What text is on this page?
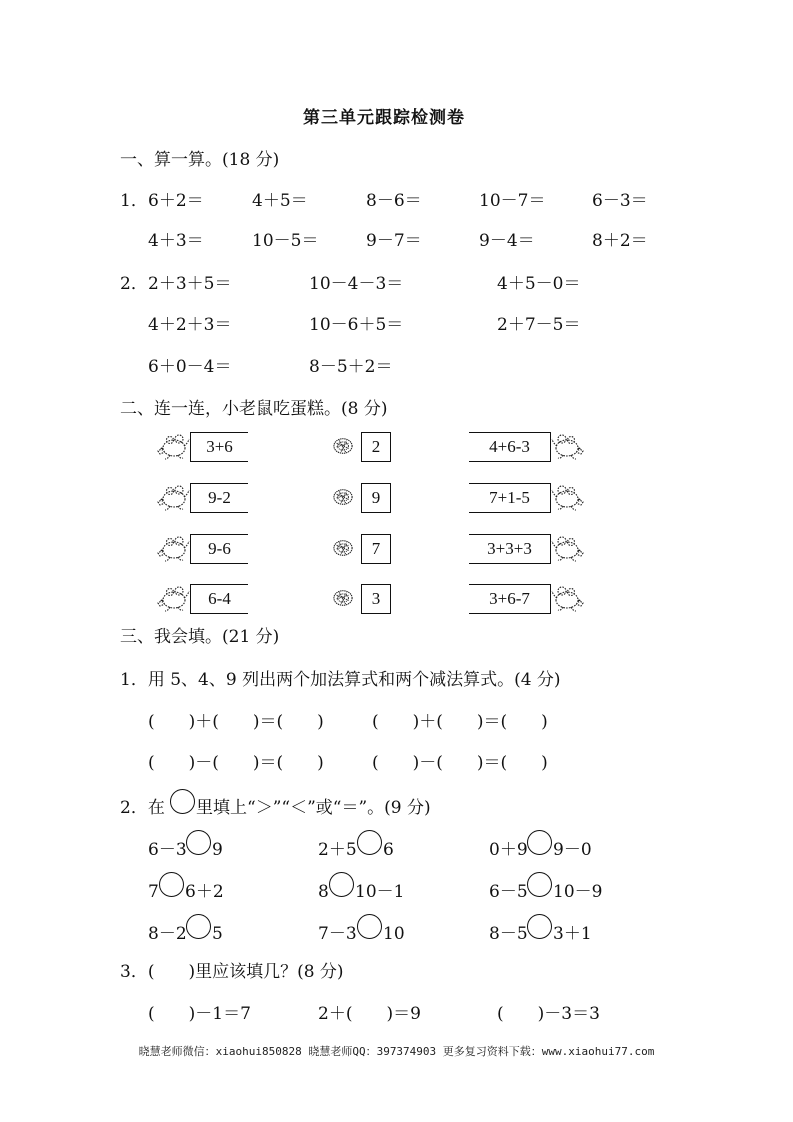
第三单元跟踪检测卷
一、算一算。(18 分)
1． 6＋2＝	4＋5＝	8－6＝	10－7＝	6－3＝
4＋3＝	10－5＝	9－7＝	9－4＝	8＋2＝
2． 2＋3＋5＝	10－4－3＝	4＋5－0＝
4＋2＋3＝	10－6＋5＝	2＋7－5＝
6＋0－4＝	8－5＋2＝
二、连一连，小老鼠吃蛋糕。(8 分)
3+6	2	4+6-3
9-2	9	7+1-5
9-6	7	3+3+3
6-4	3	3+6-7
三、我会填。(21 分)
1．用 5、4、9 列出两个加法算式和两个减法算式。(4 分)
(　　)＋(　　)＝(　　)	(　　)＋(　　)＝(　　)
(　　)－(　　)＝(　　)	(　　)－(　　)＝(　　)
2．在 里填上“＞”“＜”或“＝”。(9 分)
6－3 9	2＋5 6	0＋9 9－0
7 6＋2	8 10－1	6－5 10－9
8－2 5	7－3 10	8－5 3＋1
3．(　　)里应该填几？(8 分)
(　　)－1＝7	2＋(　　)＝9	(　　)－3＝3
晓慧老师微信：xiaohui850828 晓慧老师QQ：397374903 更多复习资料下载：www.xiaohui77.com
